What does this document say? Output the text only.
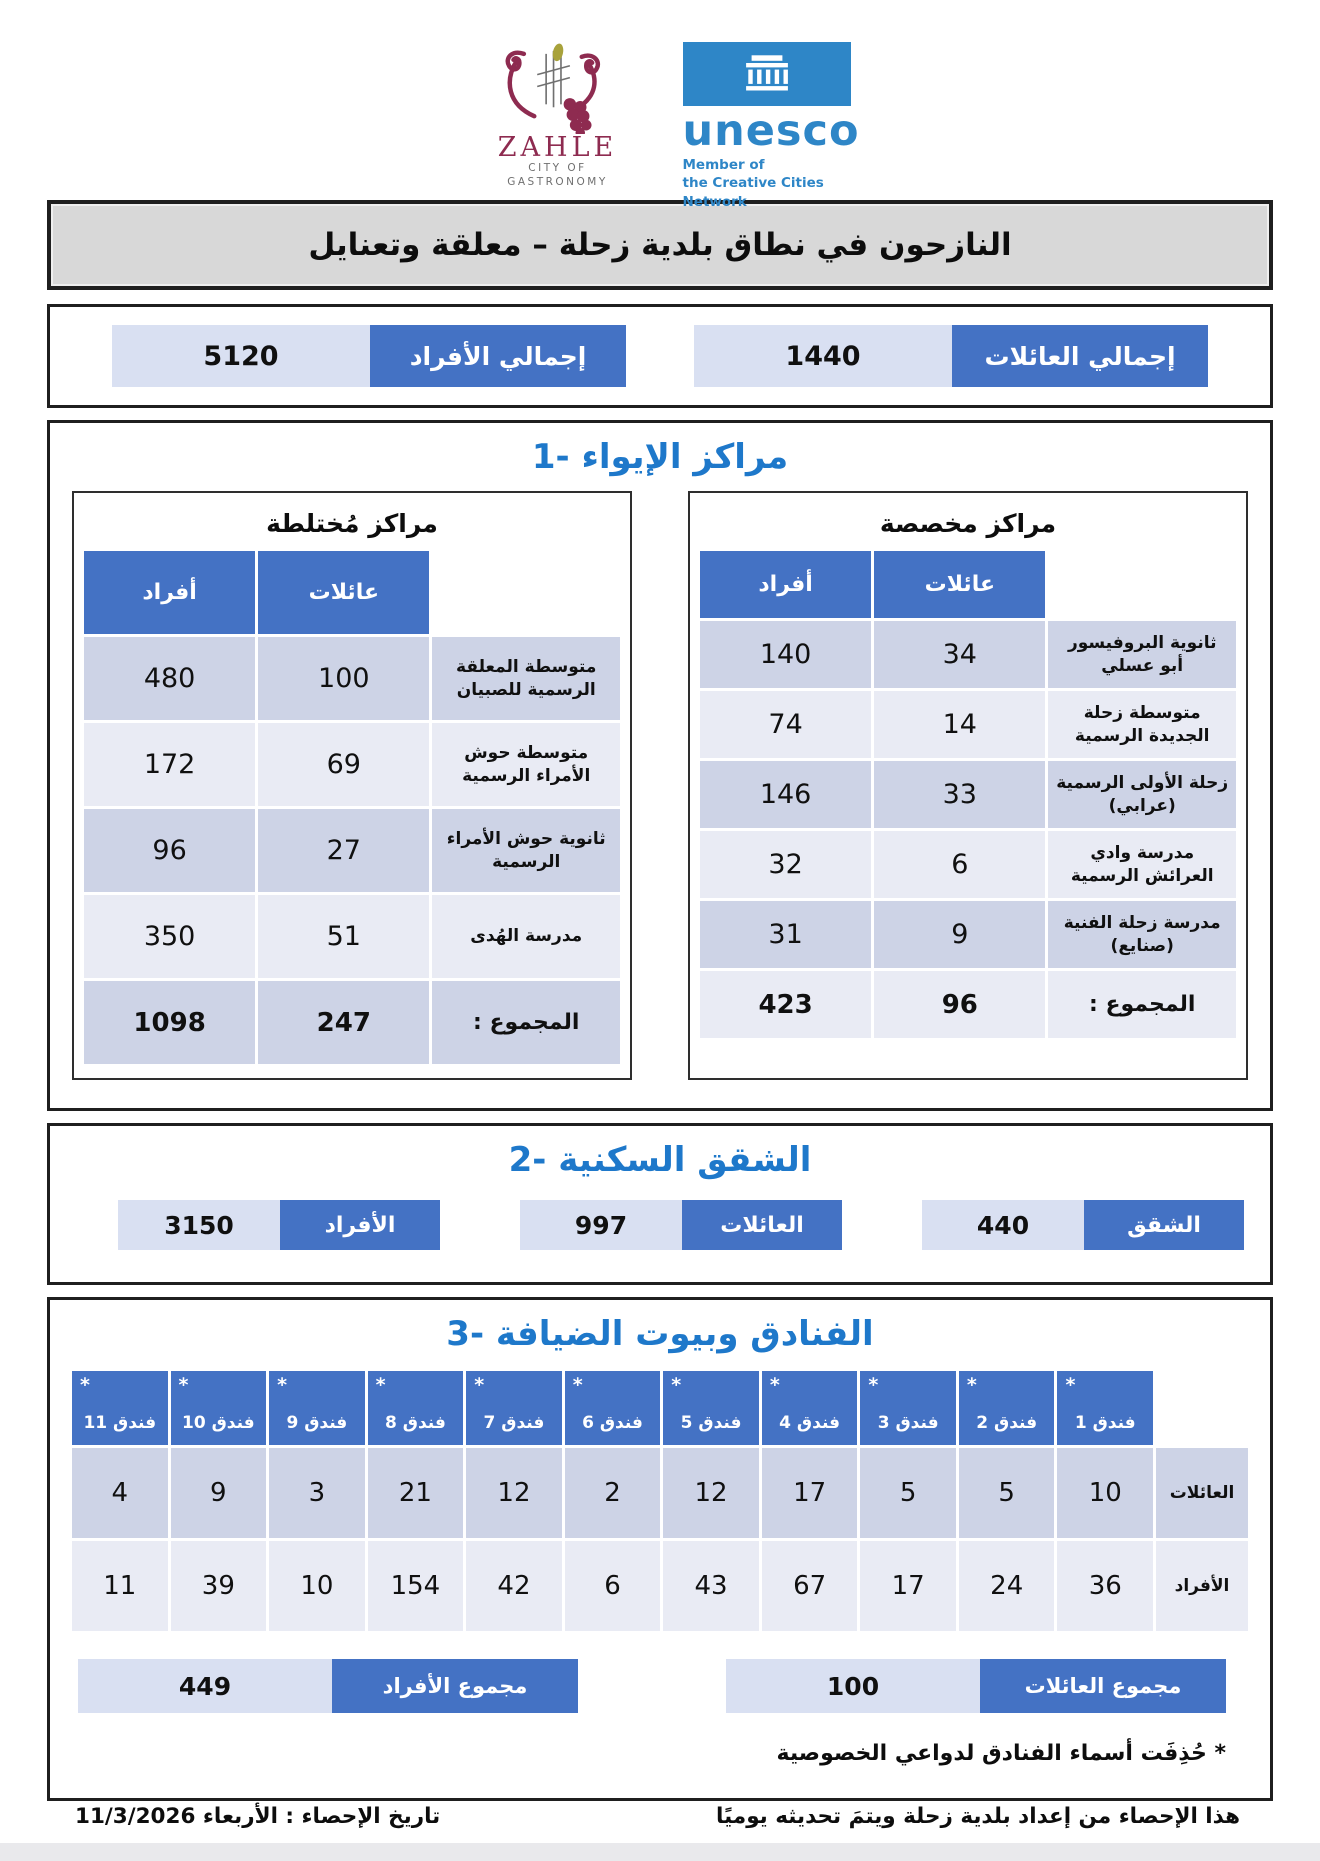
ZAHLE
CITY OF
GASTRONOMY
unesco
Member of
the Creative Cities Network
النازحون في نطاق بلدية زحلة – معلقة وتعنايل
إجمالي العائلات
1440
إجمالي الأفراد
5120
1- مراكز الإيواء
مراكز مخصصة
عائلات
أفراد
ثانوية البروفيسور أبو عسلي
34
140
متوسطة زحلة الجديدة الرسمية
14
74
زحلة الأولى الرسمية (عرابي)
33
146
مدرسة وادي العرائش الرسمية
6
32
مدرسة زحلة الفنية (صنايع)
9
31
المجموع :
96
423
مراكز مُختلطة
عائلات
أفراد
متوسطة المعلقة الرسمية للصبيان
100
480
متوسطة حوش الأمراء الرسمية
69
172
ثانوية حوش الأمراء الرسمية
27
96
مدرسة الهُدى
51
350
المجموع :
247
1098
2- الشقق السكنية
الشقق
440
العائلات
997
الأفراد
3150
3- الفنادق وبيوت الضيافة
*
فندق 1
*
فندق 2
*
فندق 3
*
فندق 4
*
فندق 5
*
فندق 6
*
فندق 7
*
فندق 8
*
فندق 9
*
فندق 10
*
فندق 11
العائلات
10
5
5
17
12
2
12
21
3
9
4
الأفراد
36
24
17
67
43
6
42
154
10
39
11
مجموع العائلات
100
مجموع الأفراد
449
* حُذِفَت أسماء الفنادق لدواعي الخصوصية
هذا الإحصاء من إعداد بلدية زحلة ويتمَ تحديثه يوميًا
تاريخ الإحصاء : الأربعاء 11/3/2026
